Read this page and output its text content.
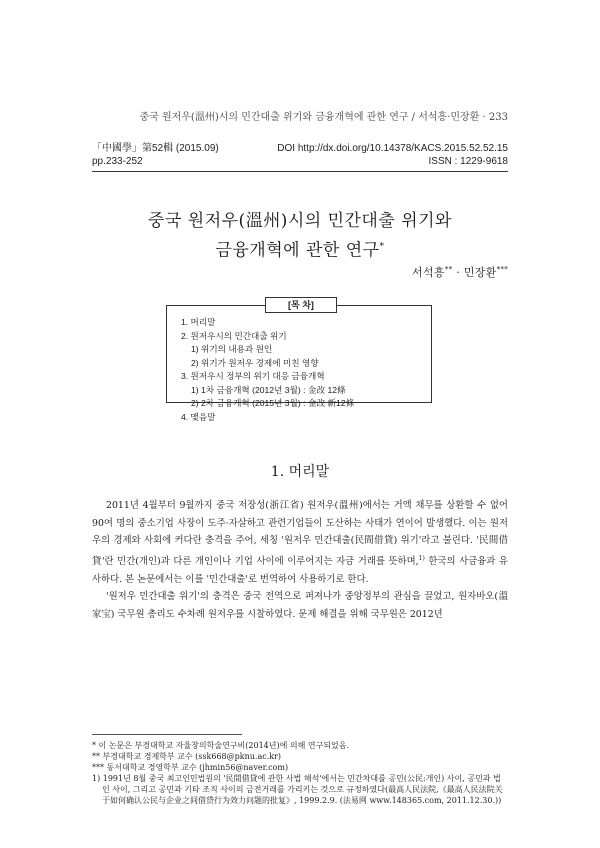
중국 원저우(溫州)시의 민간대출 위기와 금융개혁에 관한 연구 / 서석흥·민장환 · 233
「中國學」第52輯 (2015.09)
pp.233-252
DOI http://dx.doi.org/10.14378/KACS.2015.52.52.15
ISSN : 1229-9618
중국 원저우(溫州)시의 민간대출 위기와
금융개혁에 관한 연구*
서석흥** · 민장환***
1. 머리말
2. 원저우시의 민간대출 위기
1) 위기의 내용과 원인
2) 위기가 원저우 경제에 미친 영향
3. 원저우시 정부의 위기 대응 금융개혁
1) 1차 금융개혁 (2012년 3월) : 金改 12條
2) 2차 금융개혁 (2015년 3월) : 金改 新12條
4. 맺음말
[목 차]
1. 머리말

2011년 4월부터 9월까지 중국 저장성(浙江省) 원저우(溫州)에서는 거액 채무를 상환할 수 없어 90여 명의 중소기업 사장이 도주·자살하고 관련기업들이 도산하는 사태가 연이어 발생했다. 이는 원저우의 경제와 사회에 커다란 충격을 주어, 세칭 '원저우 민간대출(民間借貸) 위기'라고 불린다. '民間借貸'란 민간(개인)과 다른 개인이나 기업 사이에 이루어지는 자금 거래를 뜻하며,$^{1)}$ 한국의 사금융과 유사하다. 본 논문에서는 이를 '민간대출'로 번역하여 사용하기로 한다.

'원저우 민간대출 위기'의 충격은 중국 전역으로 퍼져나가 중앙정부의 관심을 끌었고, 원자바오(溫家宝) 국무원 총리도 수차례 원저우를 시찰하였다. 문제 해결을 위해 국무원은 2012년

* 이 논문은 부경대학교 자율창의학술연구비(2014년)에 의해 연구되었음.

** 부경대학교 경제학부 교수 (ssk668@pknu.ac.kr)

*** 동서대학교 경영학부 교수 (jhmin56@naver.com)

1) 1991년 8월 중국 최고인민법원의 '民間借貸에 관한 사법 해석'에서는 민간차대를 공민(公民:개인) 사이, 공민과 법인 사이, 그리고 공민과 기타 조직 사이의 금전거래를 가리키는 것으로 규정하였다(最高人民法院,《最高人民法院关于如何确认公民与企业之间借贷行为效力问题的批复》, 1999.2.9. (法易网 www.148365.com, 2011.12.30.))
